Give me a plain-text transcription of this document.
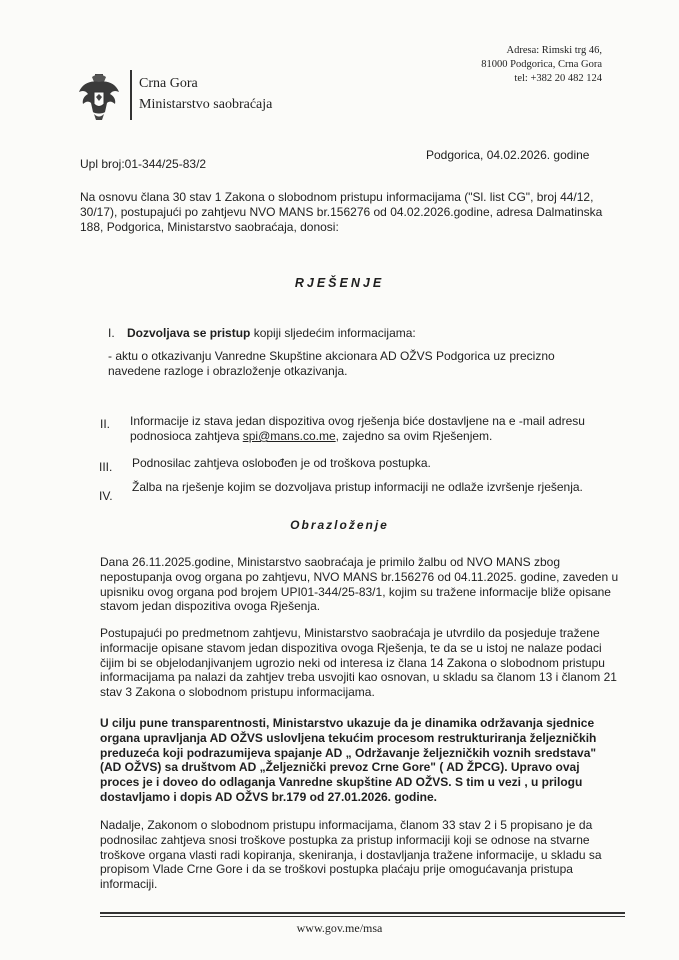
Adresa: Rimski trg 46,
81000 Podgorica, Crna Gora
tel: +382 20 482 124
Crna Gora
Ministarstvo saobraćaja
Upl broj:01-344/25-83/2
Podgorica, 04.02.2026. godine
Na osnovu člana 30 stav 1 Zakona o slobodnom pristupu informacijama ("Sl. list CG", broj 44/12, 30/17), postupajući po zahtjevu NVO MANS br.156276 od 04.02.2026.godine, adresa Dalmatinska 188, Podgorica, Ministarstvo saobraćaja, donosi:
RJEŠENJE
I.	Dozvoljava se pristup kopiji sljedećim informacijama:
- aktu o otkazivanju Vanredne Skupštine akcionara AD OŽVS Podgorica uz precizno navedene razloge i obrazloženje otkazivanja.
II.	Informacije iz stava jedan dispozitiva ovog rješenja biće dostavljene na e -mail adresu podnosioca zahtjeva spi@mans.co.me, zajedno sa ovim Rješenjem.
III.	Podnosilac zahtjeva oslobođen je od troškova postupka.
IV.
Žalba na rješenje kojim se dozvoljava pristup informaciji ne odlaže izvršenje rješenja.
Obrazloženje
Dana 26.11.2025.godine, Ministarstvo saobraćaja je primilo žalbu od NVO MANS zbog nepostupanja ovog organa po zahtjevu, NVO MANS br.156276 od 04.11.2025. godine, zaveden u upisniku ovog organa pod brojem UPI01-344/25-83/1, kojim su tražene informacije bliže opisane stavom jedan dispozitiva ovoga Rješenja.
Postupajući po predmetnom zahtjevu, Ministarstvo saobraćaja je utvrdilo da posjeduje tražene informacije opisane stavom jedan dispozitiva ovoga Rješenja, te da se u istoj ne nalaze podaci čijim bi se objelodanjivanjem ugrozio neki od interesa iz člana 14 Zakona o slobodnom pristupu informacijama pa nalazi da zahtjev treba usvojiti kao osnovan, u skladu sa članom 13 i članom 21 stav 3 Zakona o slobodnom pristupu informacijama.
U cilju pune transparentnosti, Ministarstvo ukazuje da je dinamika održavanja sjednice organa upravljanja AD OŽVS uslovljena tekućim procesom restrukturiranja željezničkih preduzeća koji podrazumijeva spajanje AD „ Održavanje željezničkih voznih sredstava" (AD OŽVS) sa društvom AD „Željeznički prevoz Crne Gore" ( AD ŽPCG). Upravo ovaj proces je i doveo do odlaganja Vanredne skupštine AD OŽVS. S tim u vezi , u prilogu dostavljamo i dopis AD OŽVS br.179 od 27.01.2026. godine.
Nadalje, Zakonom o slobodnom pristupu informacijama, članom 33 stav 2 i 5 propisano je da podnosilac zahtjeva snosi troškove postupka za pristup informaciji koji se odnose na stvarne troškove organa vlasti radi kopiranja, skeniranja, i dostavljanja tražene informacije, u skladu sa propisom Vlade Crne Gore i da se troškovi postupka plaćaju prije omogućavanja pristupa informaciji.
www.gov.me/msa
